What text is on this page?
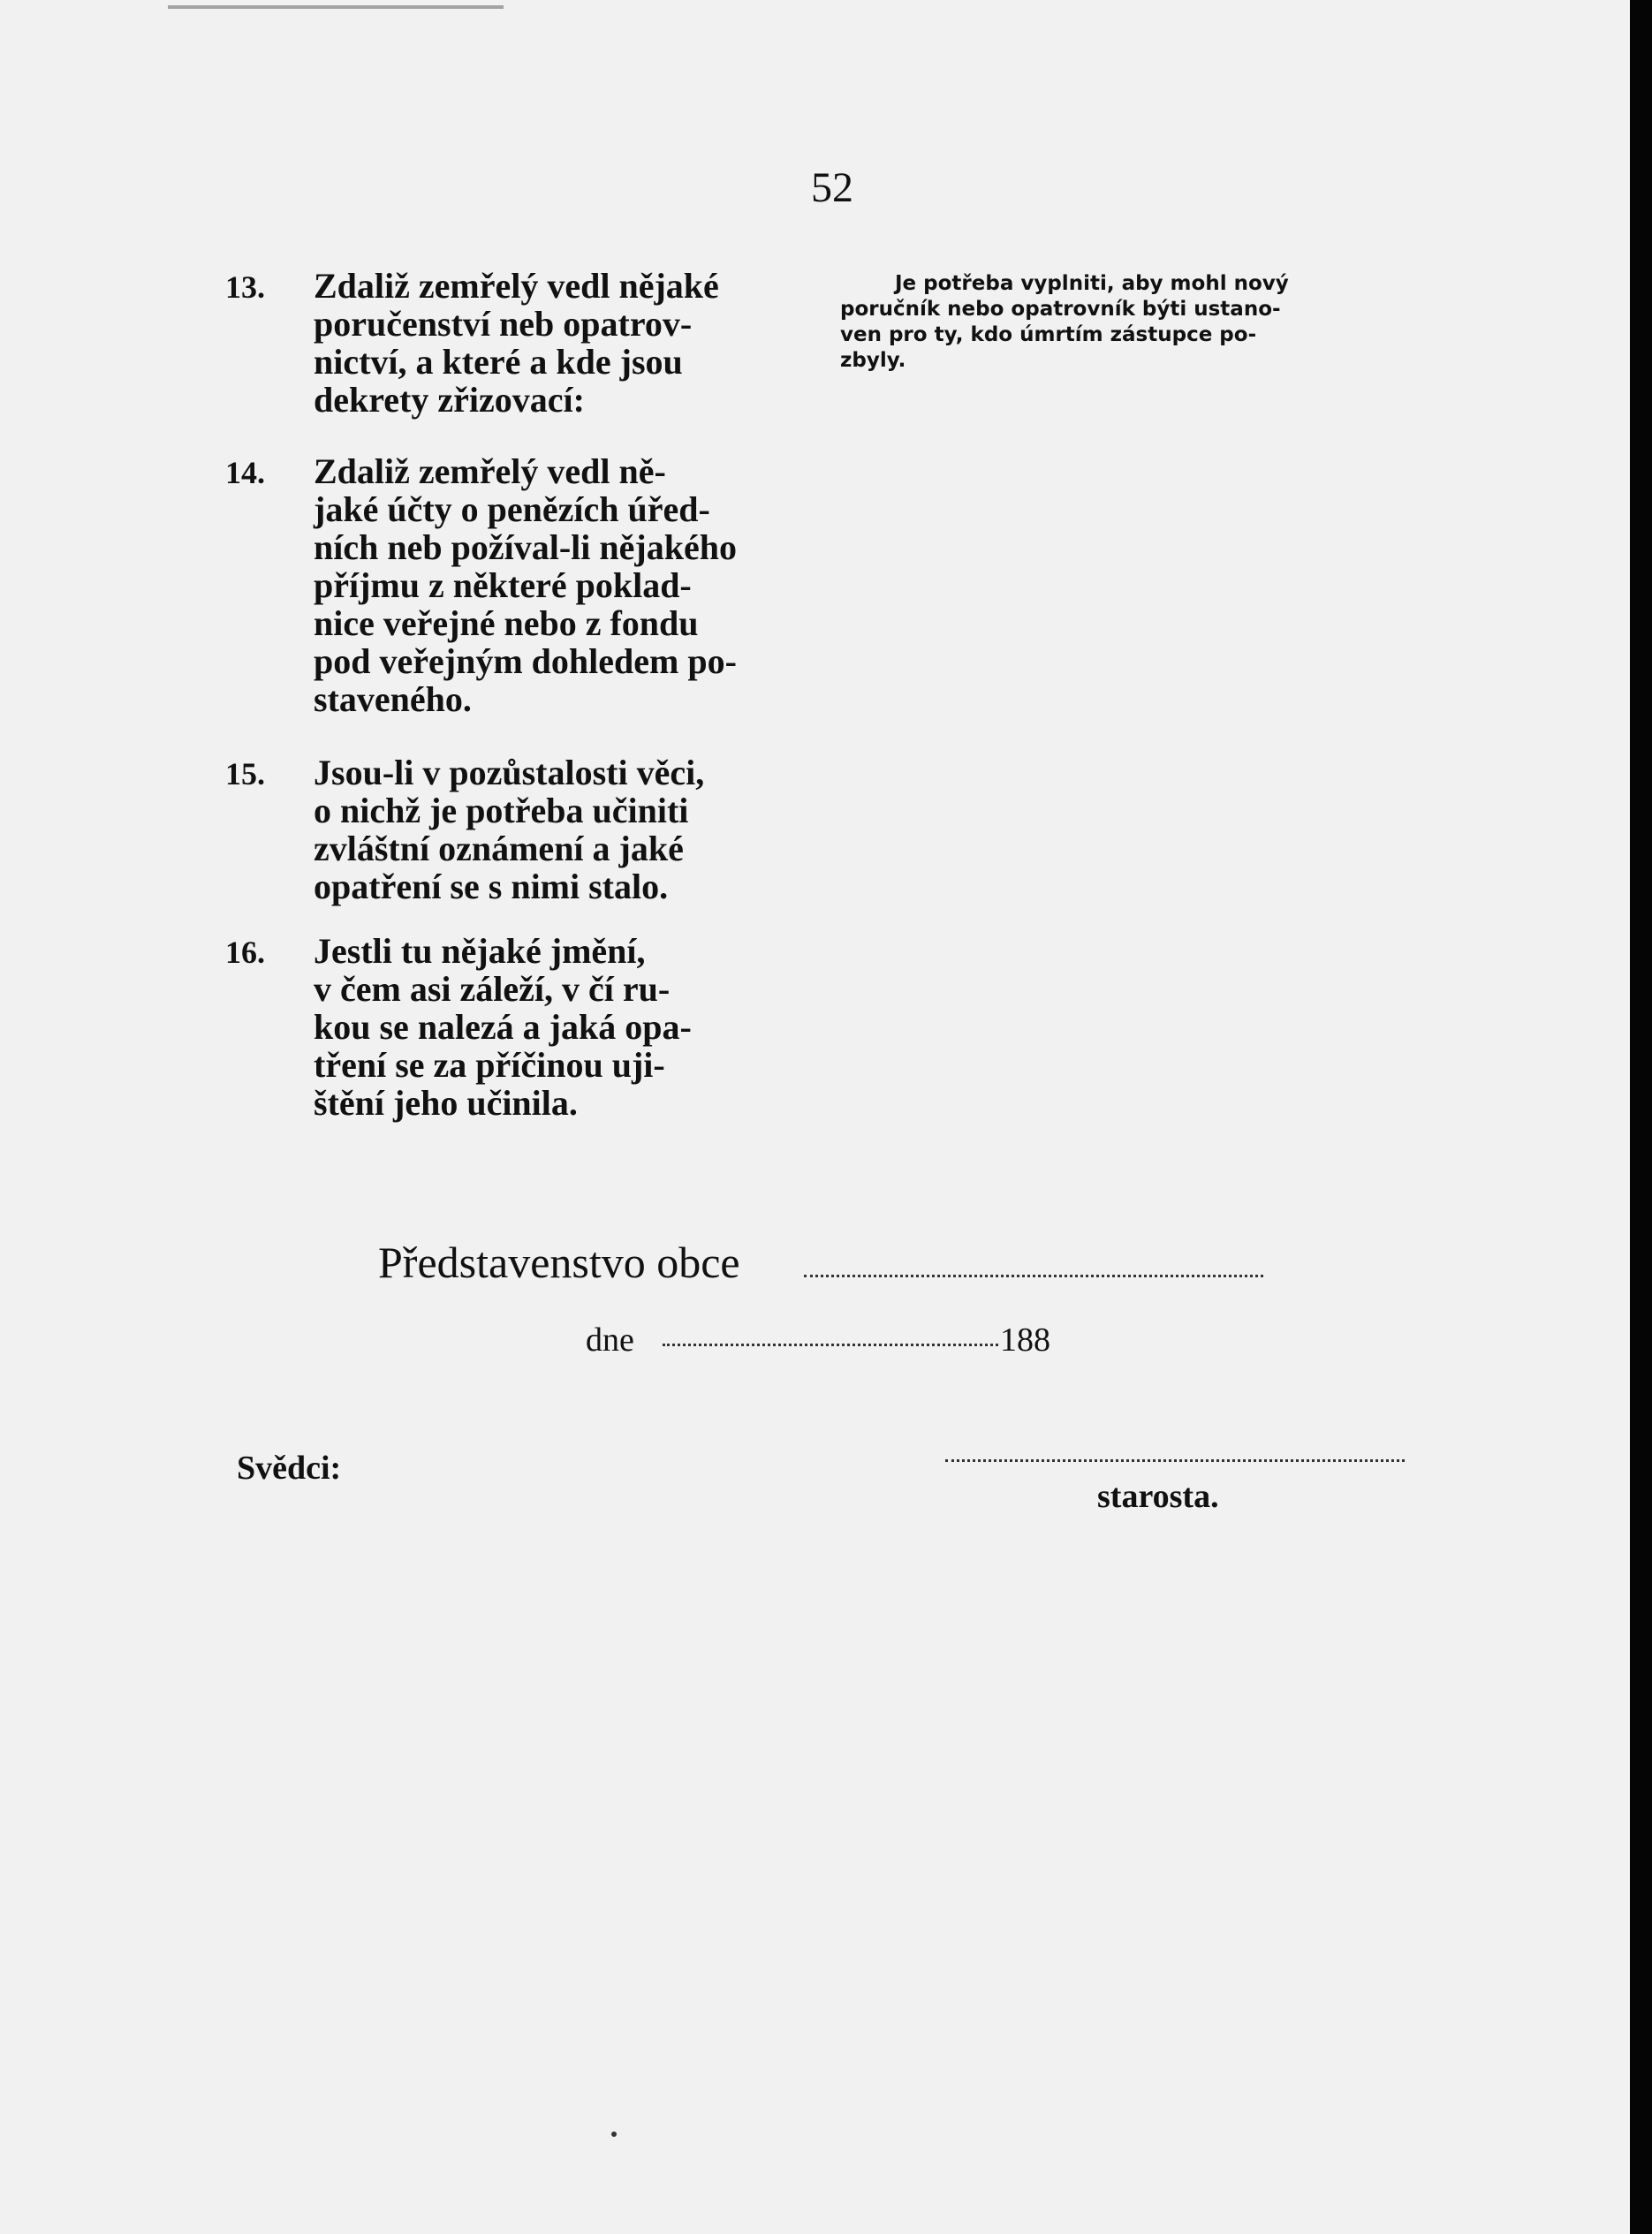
52
13. Zdaliž zemřelý vedl nějaké
poručenství neb opatrov-
nictví, a které a kde jsou
dekrety zřizovací:
14. Zdaliž zemřelý vedl ně-
jaké účty o penězích úřed-
ních neb požíval-li nějakého
příjmu z některé poklad-
nice veřejné nebo z fondu
pod veřejným dohledem po-
staveného.
15. Jsou-li v pozůstalosti věci,
o nichž je potřeba učiniti
zvláštní oznámení a jaké
opatření se s nimi stalo.
16. Jestli tu nějaké jmění,
v čem asi záleží, v čí ru-
kou se nalezá a jaká opa-
tření se za příčinou uji-
štění jeho učinila.
Je potřeba vyplniti, aby mohl nový
poručník nebo opatrovník býti ustano-
ven pro ty, kdo úmrtím zástupce po-
zbyly.
Představenstvo obce
dne	188
Svědci:
starosta.
